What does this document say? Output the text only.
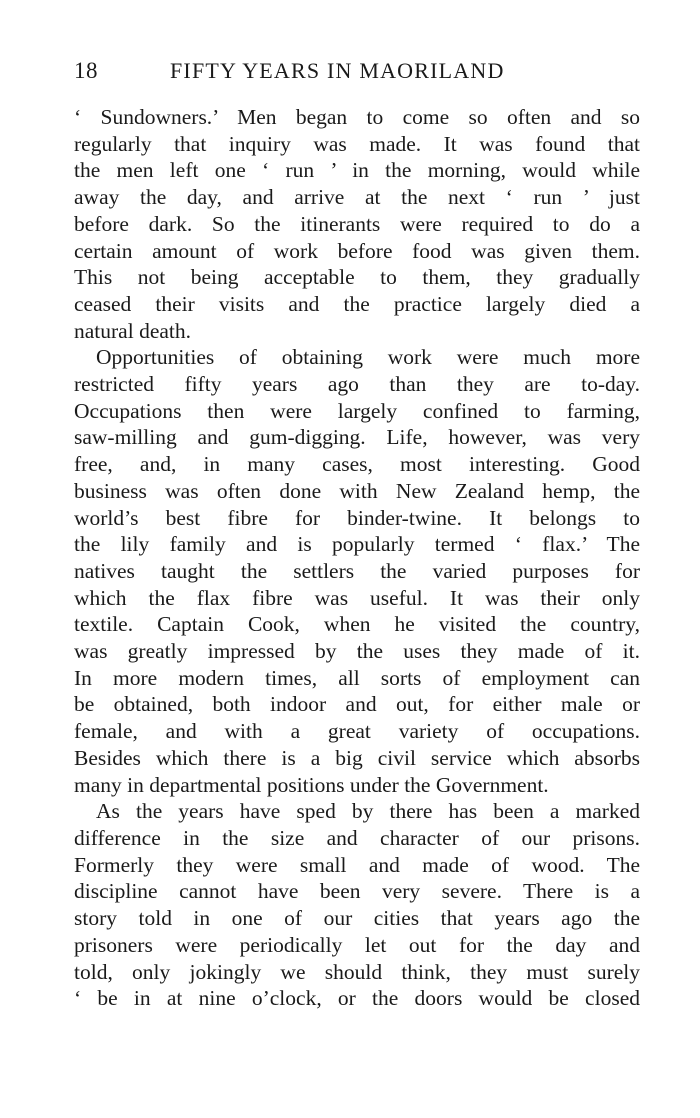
18	FIFTY YEARS IN MAORILAND
‘ Sundowners.’ Men began to come so often and so
regularly that inquiry was made. It was found that
the men left one ‘ run ’ in the morning, would while
away the day, and arrive at the next ‘ run ’ just
before dark. So the itinerants were required to do a
certain amount of work before food was given them.
This not being acceptable to them, they gradually
ceased their visits and the practice largely died a
natural death.
Opportunities of obtaining work were much more
restricted fifty years ago than they are to-day.
Occupations then were largely confined to farming,
saw-milling and gum-digging. Life, however, was very
free, and, in many cases, most interesting. Good
business was often done with New Zealand hemp, the
world’s best fibre for binder-twine. It belongs to
the lily family and is popularly termed ‘ flax.’ The
natives taught the settlers the varied purposes for
which the flax fibre was useful. It was their only
textile. Captain Cook, when he visited the country,
was greatly impressed by the uses they made of it.
In more modern times, all sorts of employment can
be obtained, both indoor and out, for either male or
female, and with a great variety of occupations.
Besides which there is a big civil service which absorbs
many in departmental positions under the Government.
As the years have sped by there has been a marked
difference in the size and character of our prisons.
Formerly they were small and made of wood. The
discipline cannot have been very severe. There is a
story told in one of our cities that years ago the
prisoners were periodically let out for the day and
told, only jokingly we should think, they must surely
‘ be in at nine o’clock, or the doors would be closed
